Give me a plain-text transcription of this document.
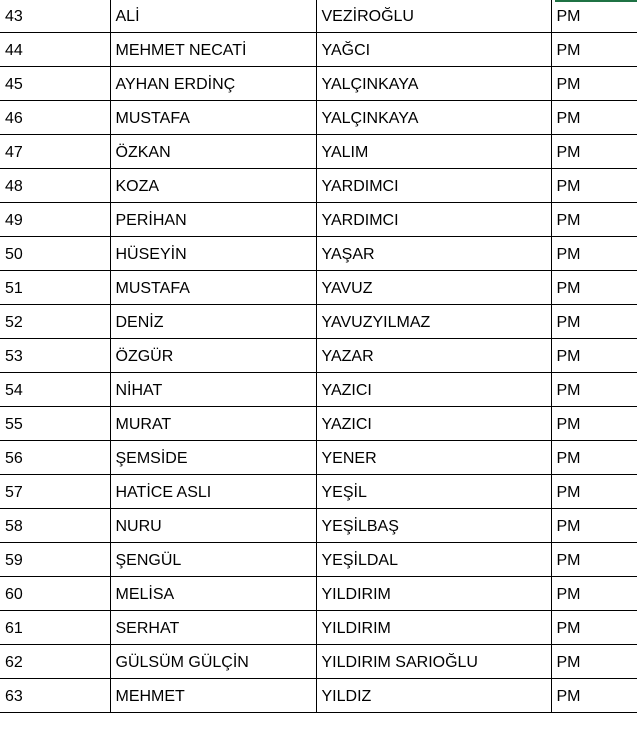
43	ALİ	VEZİROĞLU	PM
44	MEHMET NECATİ	YAĞCI	PM
45	AYHAN ERDİNÇ	YALÇINKAYA	PM
46	MUSTAFA	YALÇINKAYA	PM
47	ÖZKAN	YALIM	PM
48	KOZA	YARDIMCI	PM
49	PERİHAN	YARDIMCI	PM
50	HÜSEYİN	YAŞAR	PM
51	MUSTAFA	YAVUZ	PM
52	DENİZ	YAVUZYILMAZ	PM
53	ÖZGÜR	YAZAR	PM
54	NİHAT	YAZICI	PM
55	MURAT	YAZICI	PM
56	ŞEMSİDE	YENER	PM
57	HATİCE ASLI	YEŞİL	PM
58	NURU	YEŞİLBAŞ	PM
59	ŞENGÜL	YEŞİLDAL	PM
60	MELİSA	YILDIRIM	PM
61	SERHAT	YILDIRIM	PM
62	GÜLSÜM GÜLÇİN	YILDIRIM SARIOĞLU	PM
63	MEHMET	YILDIZ	PM
